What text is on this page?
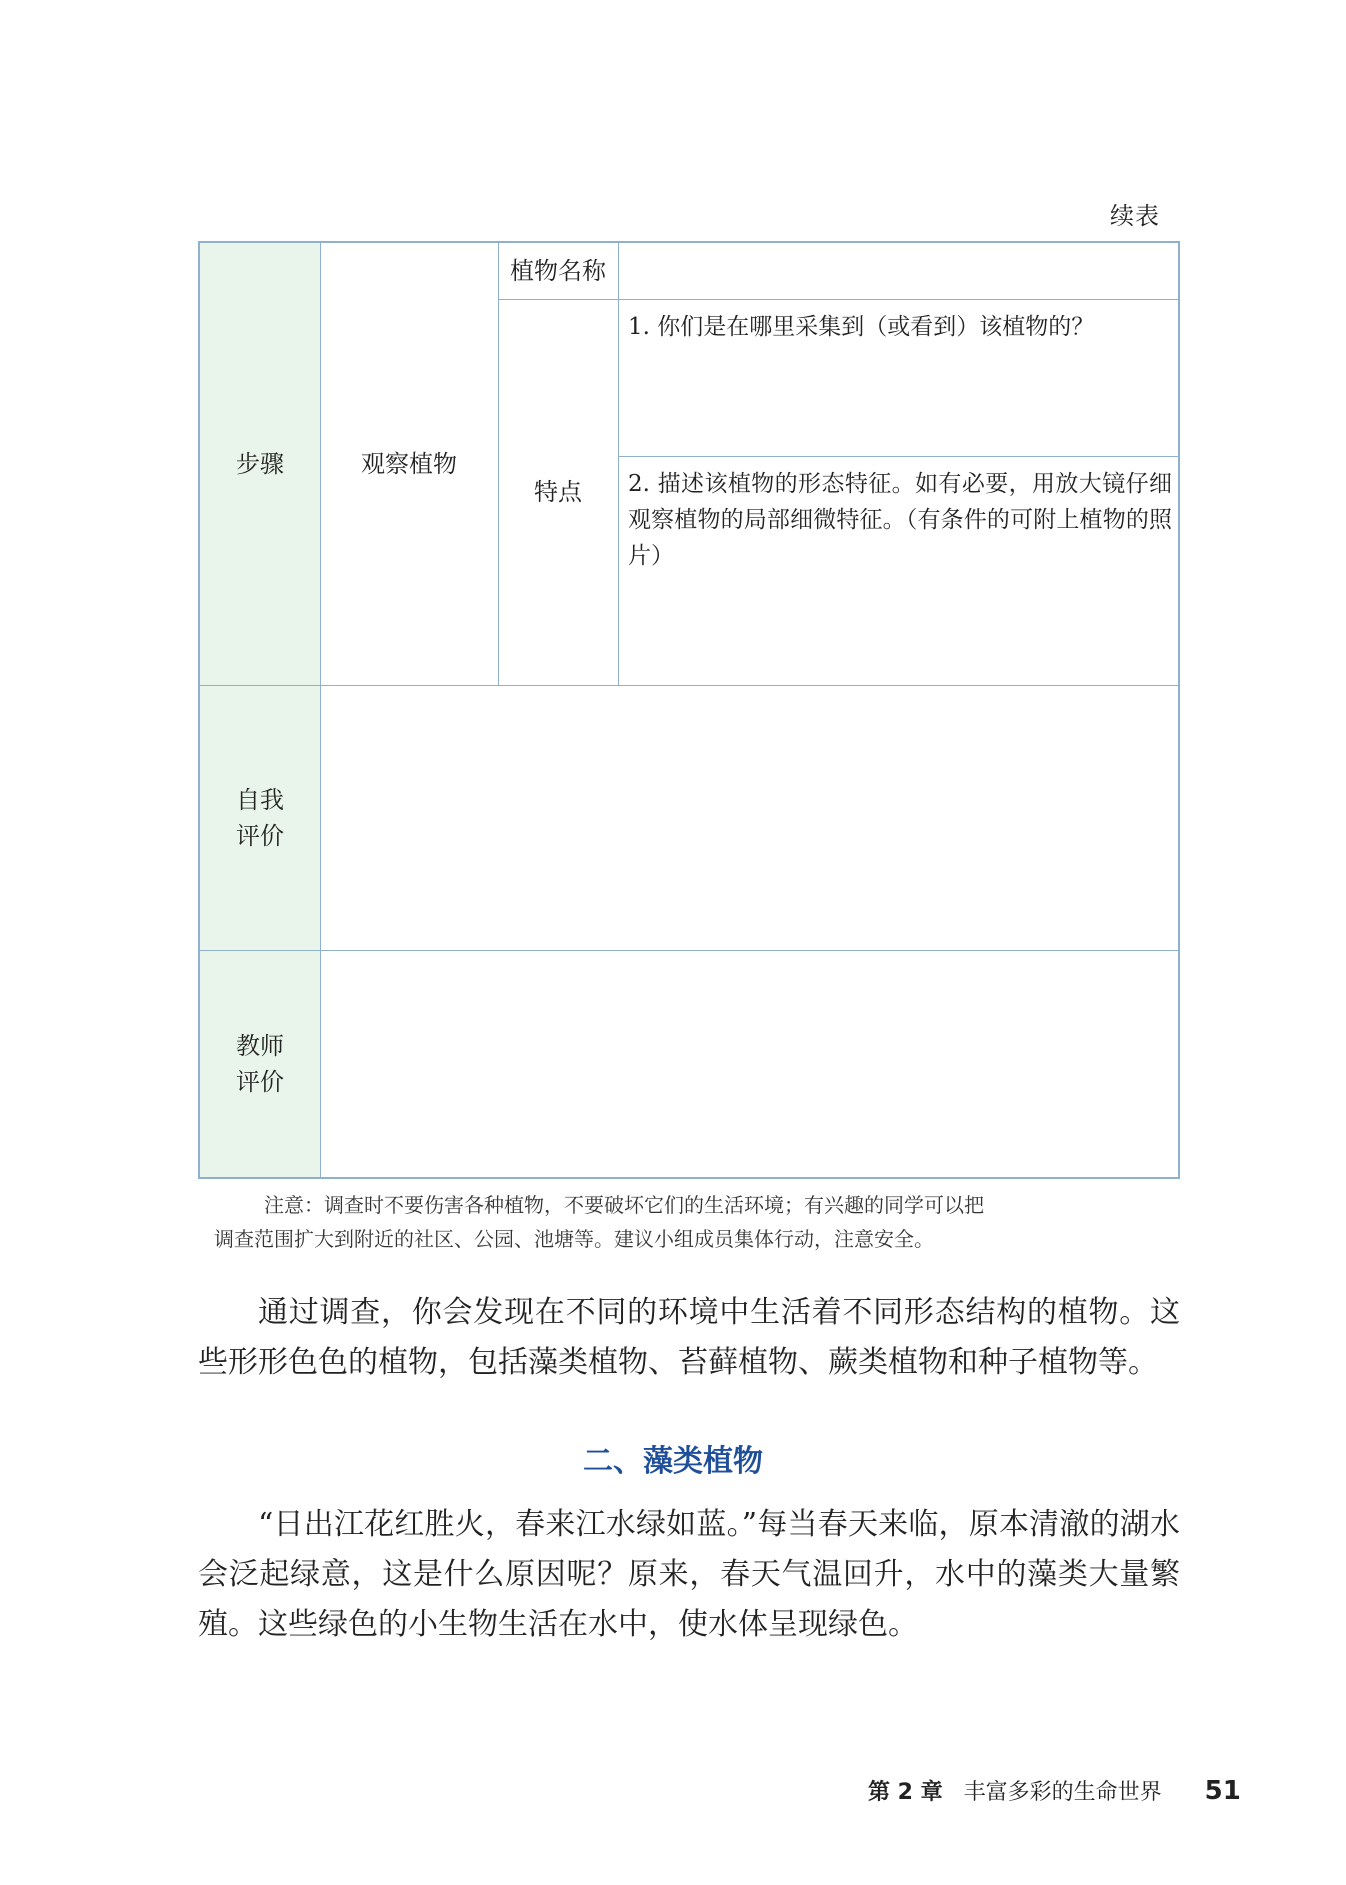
续表
步骤	观察植物
植物名称
特点
1. 你们是在哪里采集到（或看到）该植物的？
2. 描述该植物的形态特征。如有必要，用放大镜仔细观察植物的局部细微特征。（有条件的可附上植物的照片）
自我
评价
教师
评价
注意：调查时不要伤害各种植物，不要破坏它们的生活环境；有兴趣的同学可以把
调查范围扩大到附近的社区、公园、池塘等。建议小组成员集体行动，注意安全。
通过调查，你会发现在不同的环境中生活着不同形态结构的植物。这些形形色色的植物，包括藻类植物、苔藓植物、蕨类植物和种子植物等。
二、藻类植物
“日出江花红胜火，春来江水绿如蓝。”每当春天来临，原本清澈的湖水会泛起绿意，这是什么原因呢？原来，春天气温回升，水中的藻类大量繁殖。这些绿色的小生物生活在水中，使水体呈现绿色。
第 2 章 丰富多彩的生命世界 51
